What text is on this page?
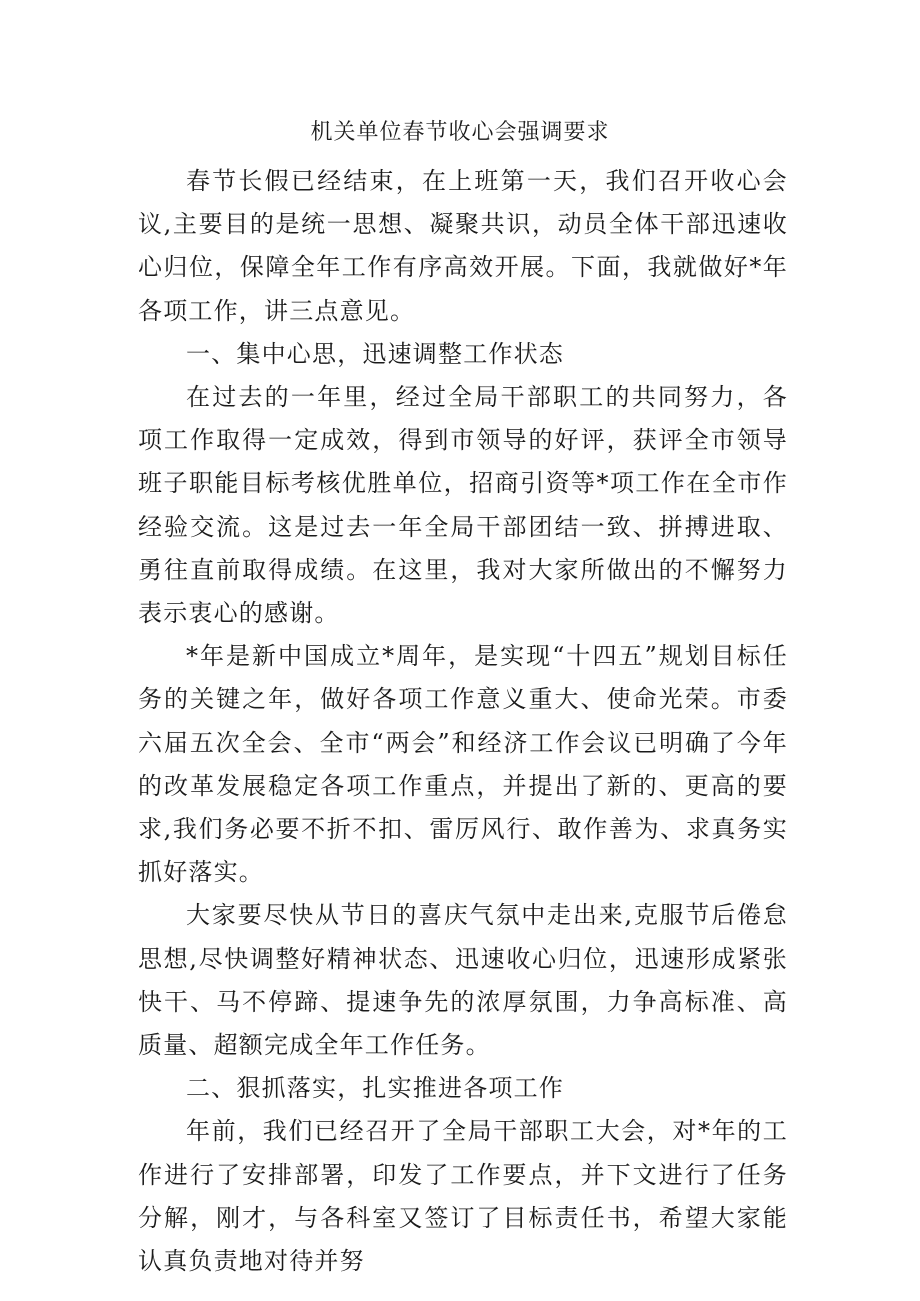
机关单位春节收心会强调要求

春节长假已经结束，在上班第一天，我们召开收心会议,主要目的是统一思想、凝聚共识，动员全体干部迅速收心归位，保障全年工作有序高效开展。下面，我就做好*年各项工作，讲三点意见。

一、集中心思，迅速调整工作状态

在过去的一年里，经过全局干部职工的共同努力，各项工作取得一定成效，得到市领导的好评，获评全市领导班子职能目标考核优胜单位，招商引资等*项工作在全市作经验交流。这是过去一年全局干部团结一致、拼搏进取、勇往直前取得成绩。在这里，我对大家所做出的不懈努力表示衷心的感谢。

*年是新中国成立*周年，是实现“十四五”规划目标任务的关键之年，做好各项工作意义重大、使命光荣。市委六届五次全会、全市“两会”和经济工作会议已明确了今年的改革发展稳定各项工作重点，并提出了新的、更高的要求,我们务必要不折不扣、雷厉风行、敢作善为、求真务实抓好落实。

大家要尽快从节日的喜庆气氛中走出来,克服节后倦怠思想,尽快调整好精神状态、迅速收心归位，迅速形成紧张快干、马不停蹄、提速争先的浓厚氛围，力争高标准、高质量、超额完成全年工作任务。

二、狠抓落实，扎实推进各项工作

年前，我们已经召开了全局干部职工大会，对*年的工作进行了安排部署，印发了工作要点，并下文进行了任务分解，刚才，与各科室又签订了目标责任书，希望大家能认真负责地对待并努
